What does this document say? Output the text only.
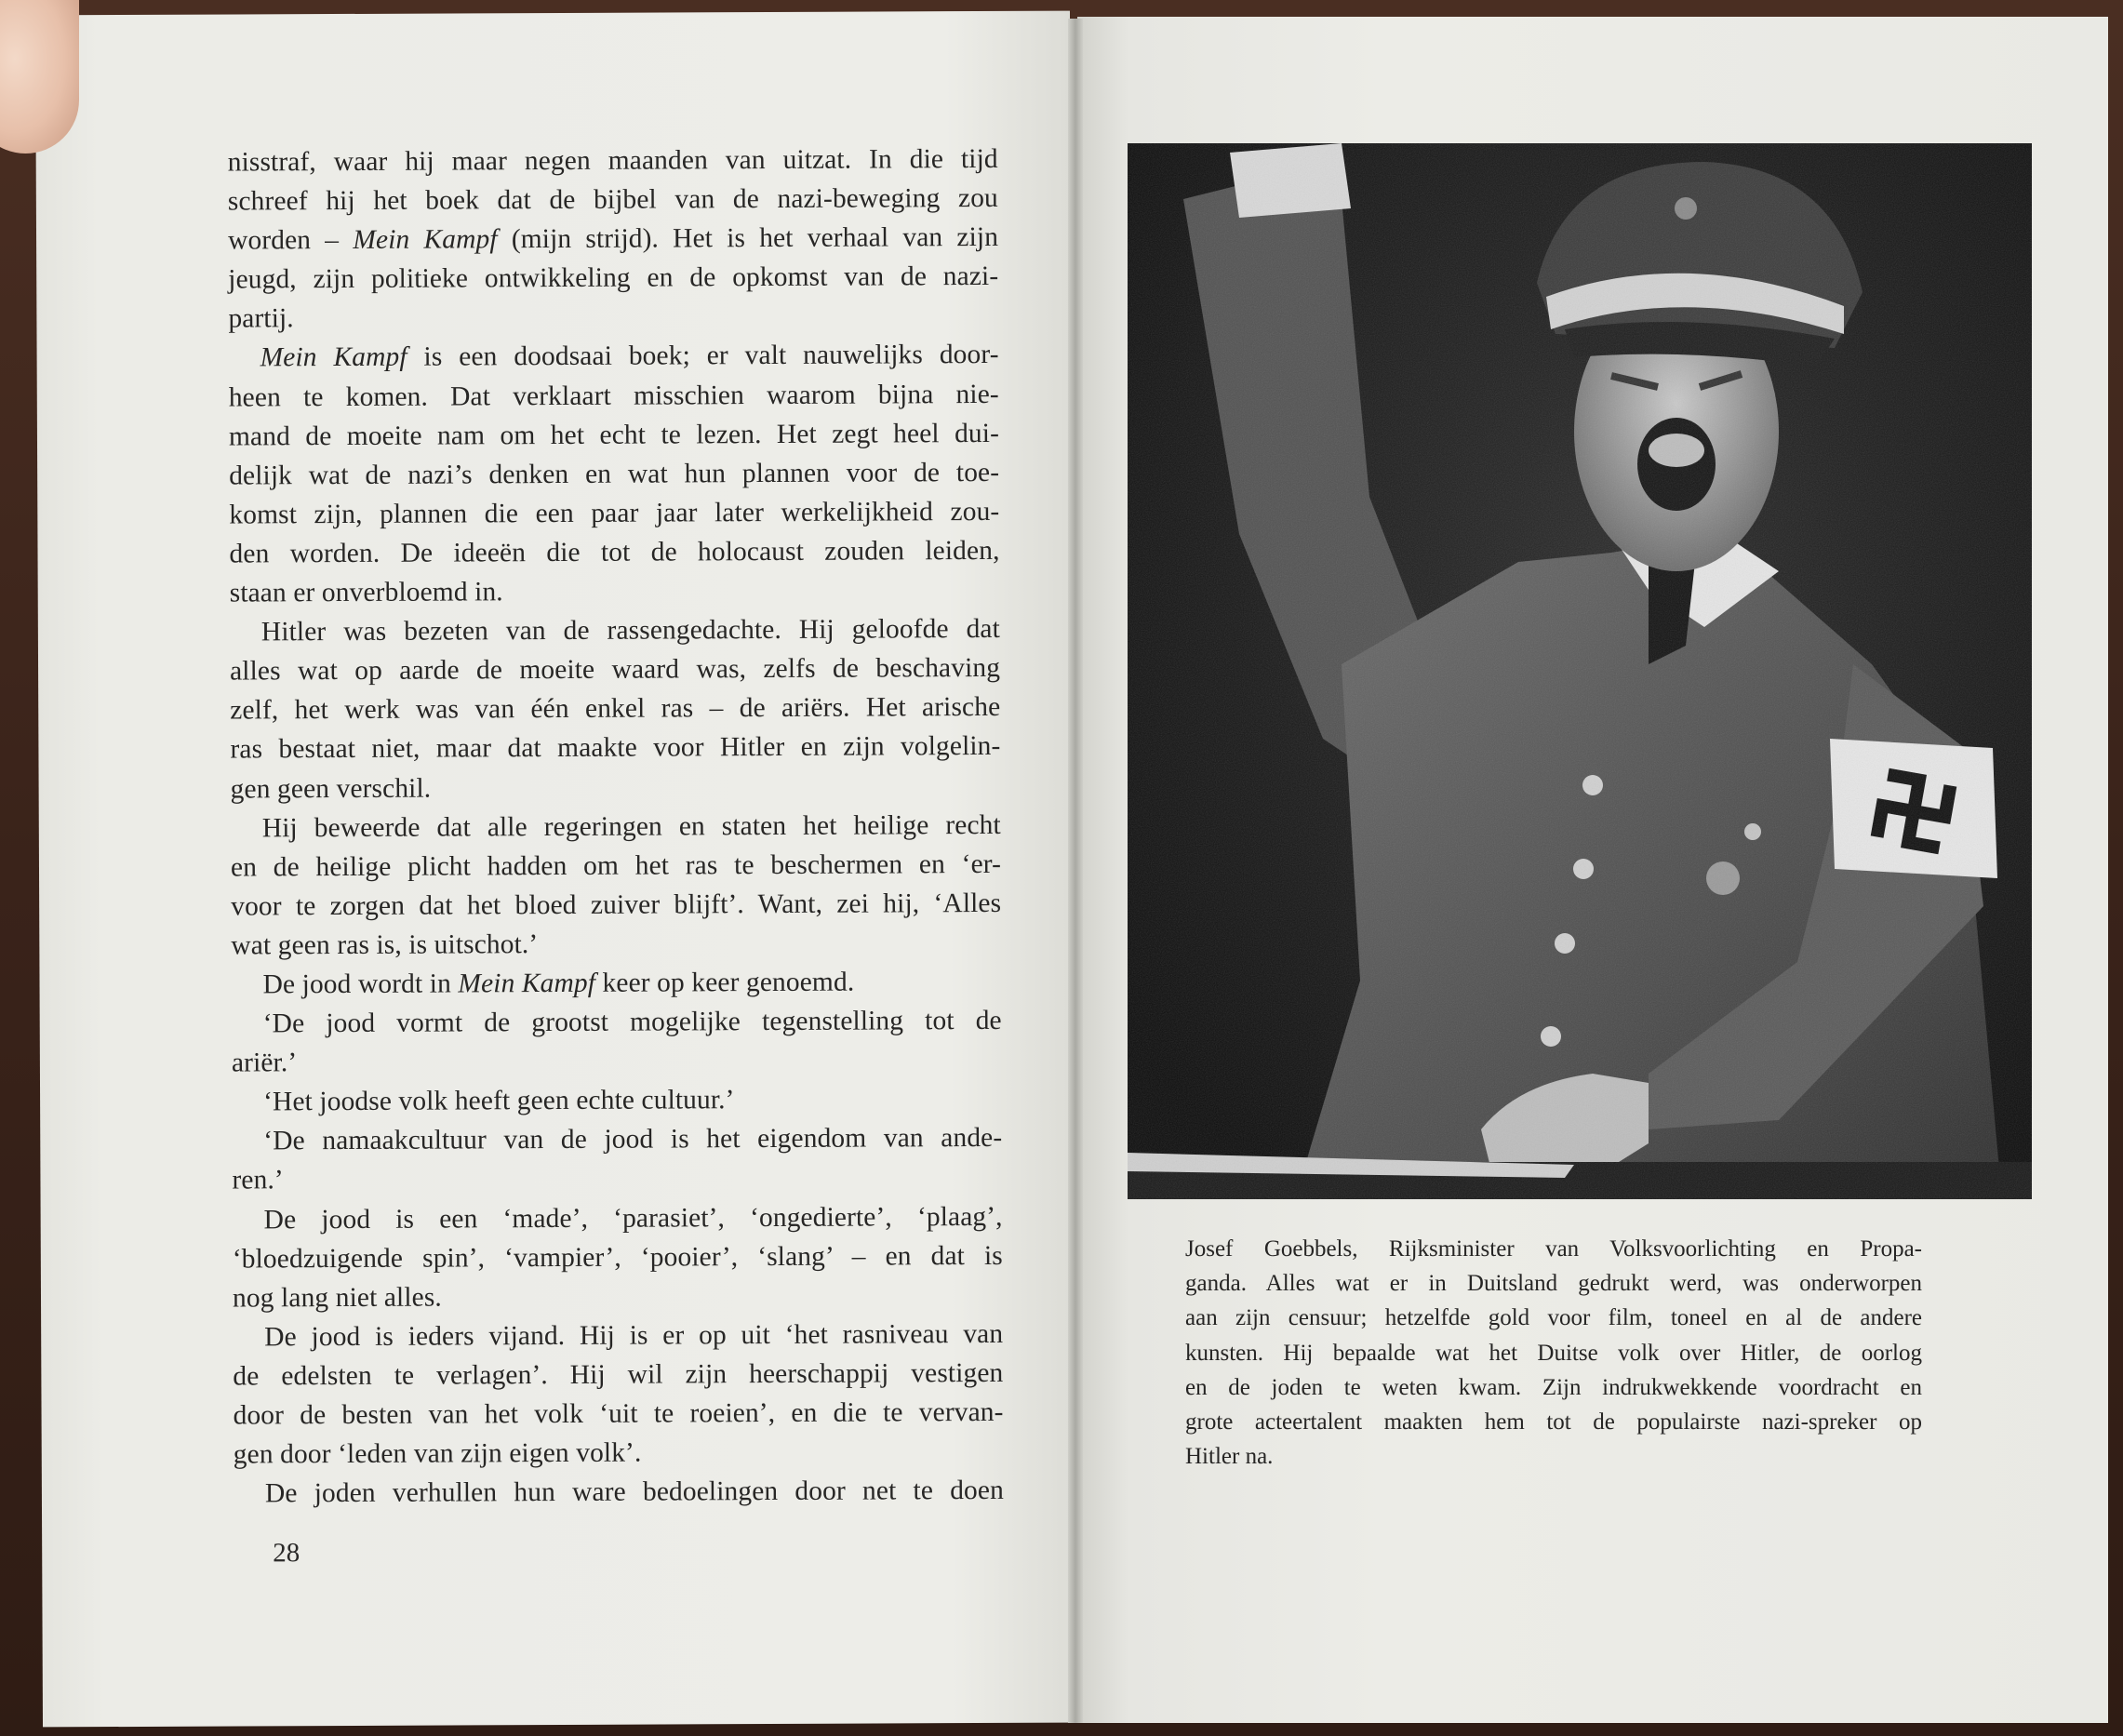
nisstraf, waar hij maar negen maanden van uitzat. In die tijd
schreef hij het boek dat de bijbel van de nazi-beweging zou
worden – Mein Kampf (mijn strijd). Het is het verhaal van zijn
jeugd, zijn politieke ontwikkeling en de opkomst van de nazi-
partij.
Mein Kampf is een doodsaai boek; er valt nauwelijks door-
heen te komen. Dat verklaart misschien waarom bijna nie-
mand de moeite nam om het echt te lezen. Het zegt heel dui-
delijk wat de nazi’s denken en wat hun plannen voor de toe-
komst zijn, plannen die een paar jaar later werkelijkheid zou-
den worden. De ideeën die tot de holocaust zouden leiden,
staan er onverbloemd in.
Hitler was bezeten van de rassengedachte. Hij geloofde dat
alles wat op aarde de moeite waard was, zelfs de beschaving
zelf, het werk was van één enkel ras – de ariërs. Het arische
ras bestaat niet, maar dat maakte voor Hitler en zijn volgelin-
gen geen verschil.
Hij beweerde dat alle regeringen en staten het heilige recht
en de heilige plicht hadden om het ras te beschermen en ‘er-
voor te zorgen dat het bloed zuiver blijft’. Want, zei hij, ‘Alles
wat geen ras is, is uitschot.’
De jood wordt in Mein Kampf keer op keer genoemd.
‘De jood vormt de grootst mogelijke tegenstelling tot de
ariër.’
‘Het joodse volk heeft geen echte cultuur.’
‘De namaakcultuur van de jood is het eigendom van ande-
ren.’
De jood is een ‘made’, ‘parasiet’, ‘ongedierte’, ‘plaag’,
‘bloedzuigende spin’, ‘vampier’, ‘pooier’, ‘slang’ – en dat is
nog lang niet alles.
De jood is ieders vijand. Hij is er op uit ‘het rasniveau van
de edelsten te verlagen’. Hij wil zijn heerschappij vestigen
door de besten van het volk ‘uit te roeien’, en die te vervan-
gen door ‘leden van zijn eigen volk’.
De joden verhullen hun ware bedoelingen door net te doen
28
Josef Goebbels, Rijksminister van Volksvoorlichting en Propa-
ganda. Alles wat er in Duitsland gedrukt werd, was onderworpen
aan zijn censuur; hetzelfde gold voor film, toneel en al de andere
kunsten. Hij bepaalde wat het Duitse volk over Hitler, de oorlog
en de joden te weten kwam. Zijn indrukwekkende voordracht en
grote acteertalent maakten hem tot de populairste nazi-spreker op
Hitler na.
